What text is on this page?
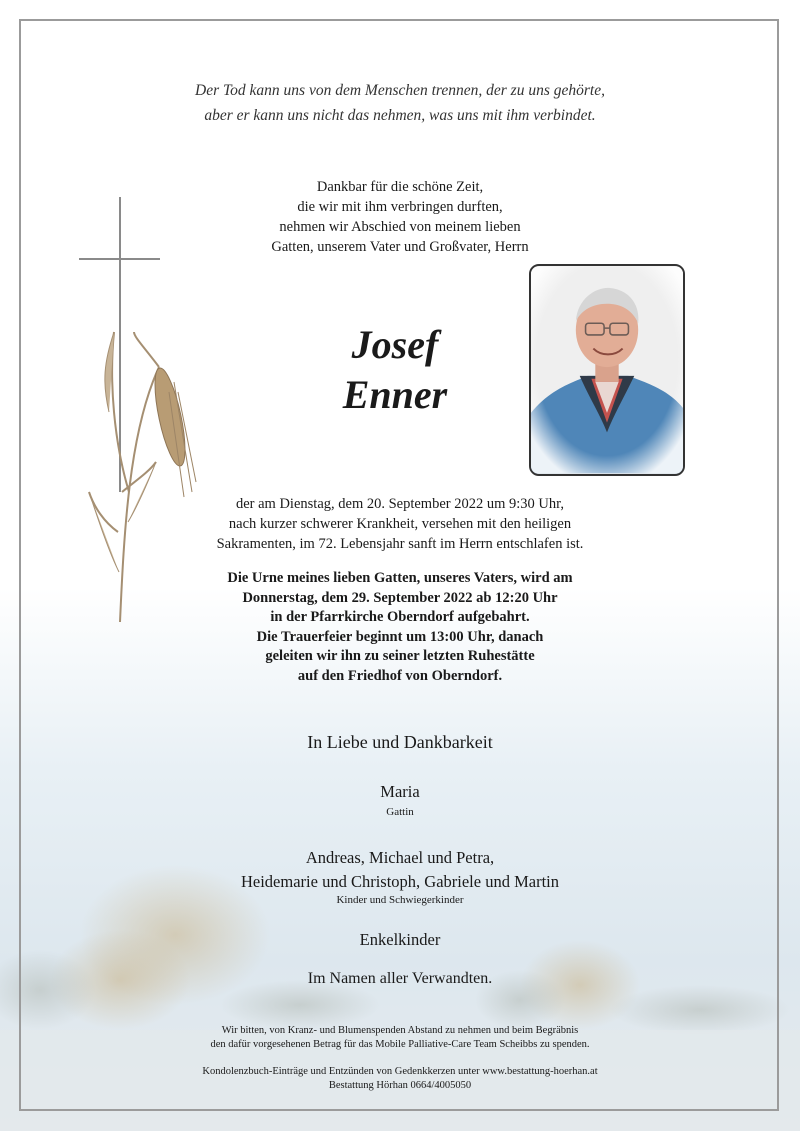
Der Tod kann uns von dem Menschen trennen, der zu uns gehörte,
aber er kann uns nicht das nehmen, was uns mit ihm verbindet.
Dankbar für die schöne Zeit,
die wir mit ihm verbringen durften,
nehmen wir Abschied von meinem lieben
Gatten, unserem Vater und Großvater, Herrn
Josef
Enner
der am Dienstag, dem 20. September 2022 um 9:30 Uhr,
nach kurzer schwerer Krankheit, versehen mit den heiligen
Sakramenten, im 72. Lebensjahr sanft im Herrn entschlafen ist.
Die Urne meines lieben Gatten, unseres Vaters, wird am
Donnerstag, dem 29. September 2022 ab 12:20 Uhr
in der Pfarrkirche Oberndorf aufgebahrt.
Die Trauerfeier beginnt um 13:00 Uhr, danach
geleiten wir ihn zu seiner letzten Ruhestätte
auf den Friedhof von Oberndorf.
In Liebe und Dankbarkeit
Maria
Gattin
Andreas, Michael und Petra,
Heidemarie und Christoph, Gabriele und Martin
Kinder und Schwiegerkinder
Enkelkinder
Im Namen aller Verwandten.
Wir bitten, von Kranz- und Blumenspenden Abstand zu nehmen und beim Begräbnis
den dafür vorgesehenen Betrag für das Mobile Palliative-Care Team Scheibbs zu spenden.
Kondolenzbuch-Einträge und Entzünden von Gedenkkerzen unter www.bestattung-hoerhan.at
Bestattung Hörhan 0664/4005050
